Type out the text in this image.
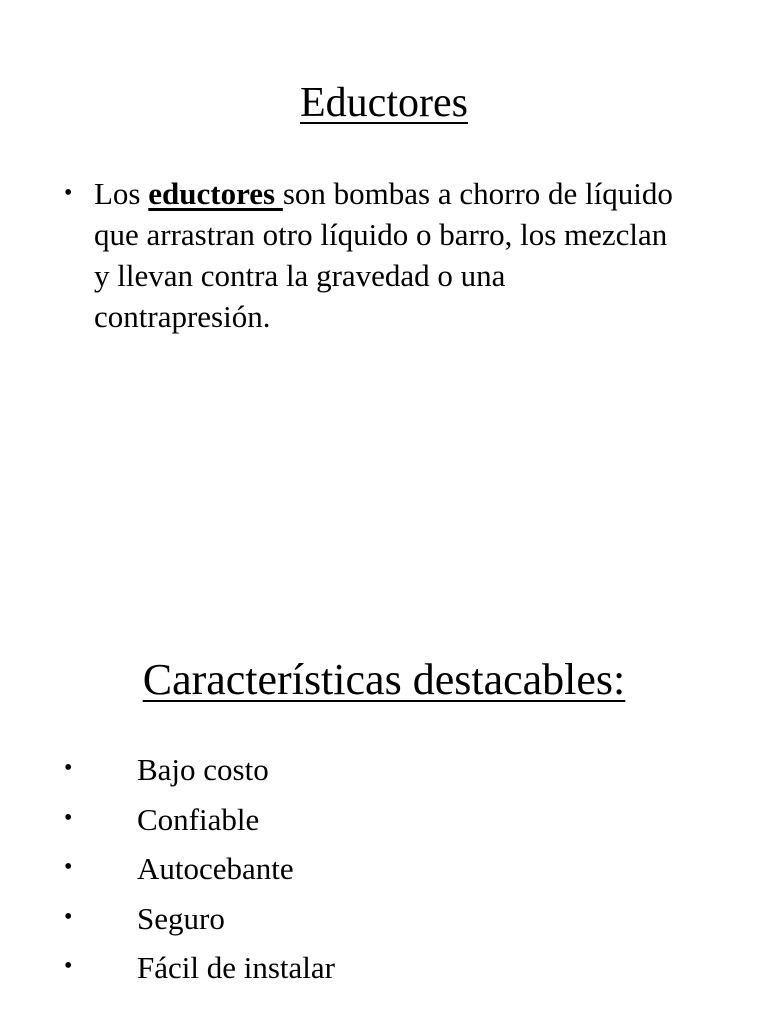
Eductores
• Los eductores son bombas a chorro de líquido que arrastran otro líquido o barro, los mezclan y llevan contra la gravedad o una contrapresión.
Características destacables:
• Bajo costo
• Confiable
• Autocebante
• Seguro
• Fácil de instalar
